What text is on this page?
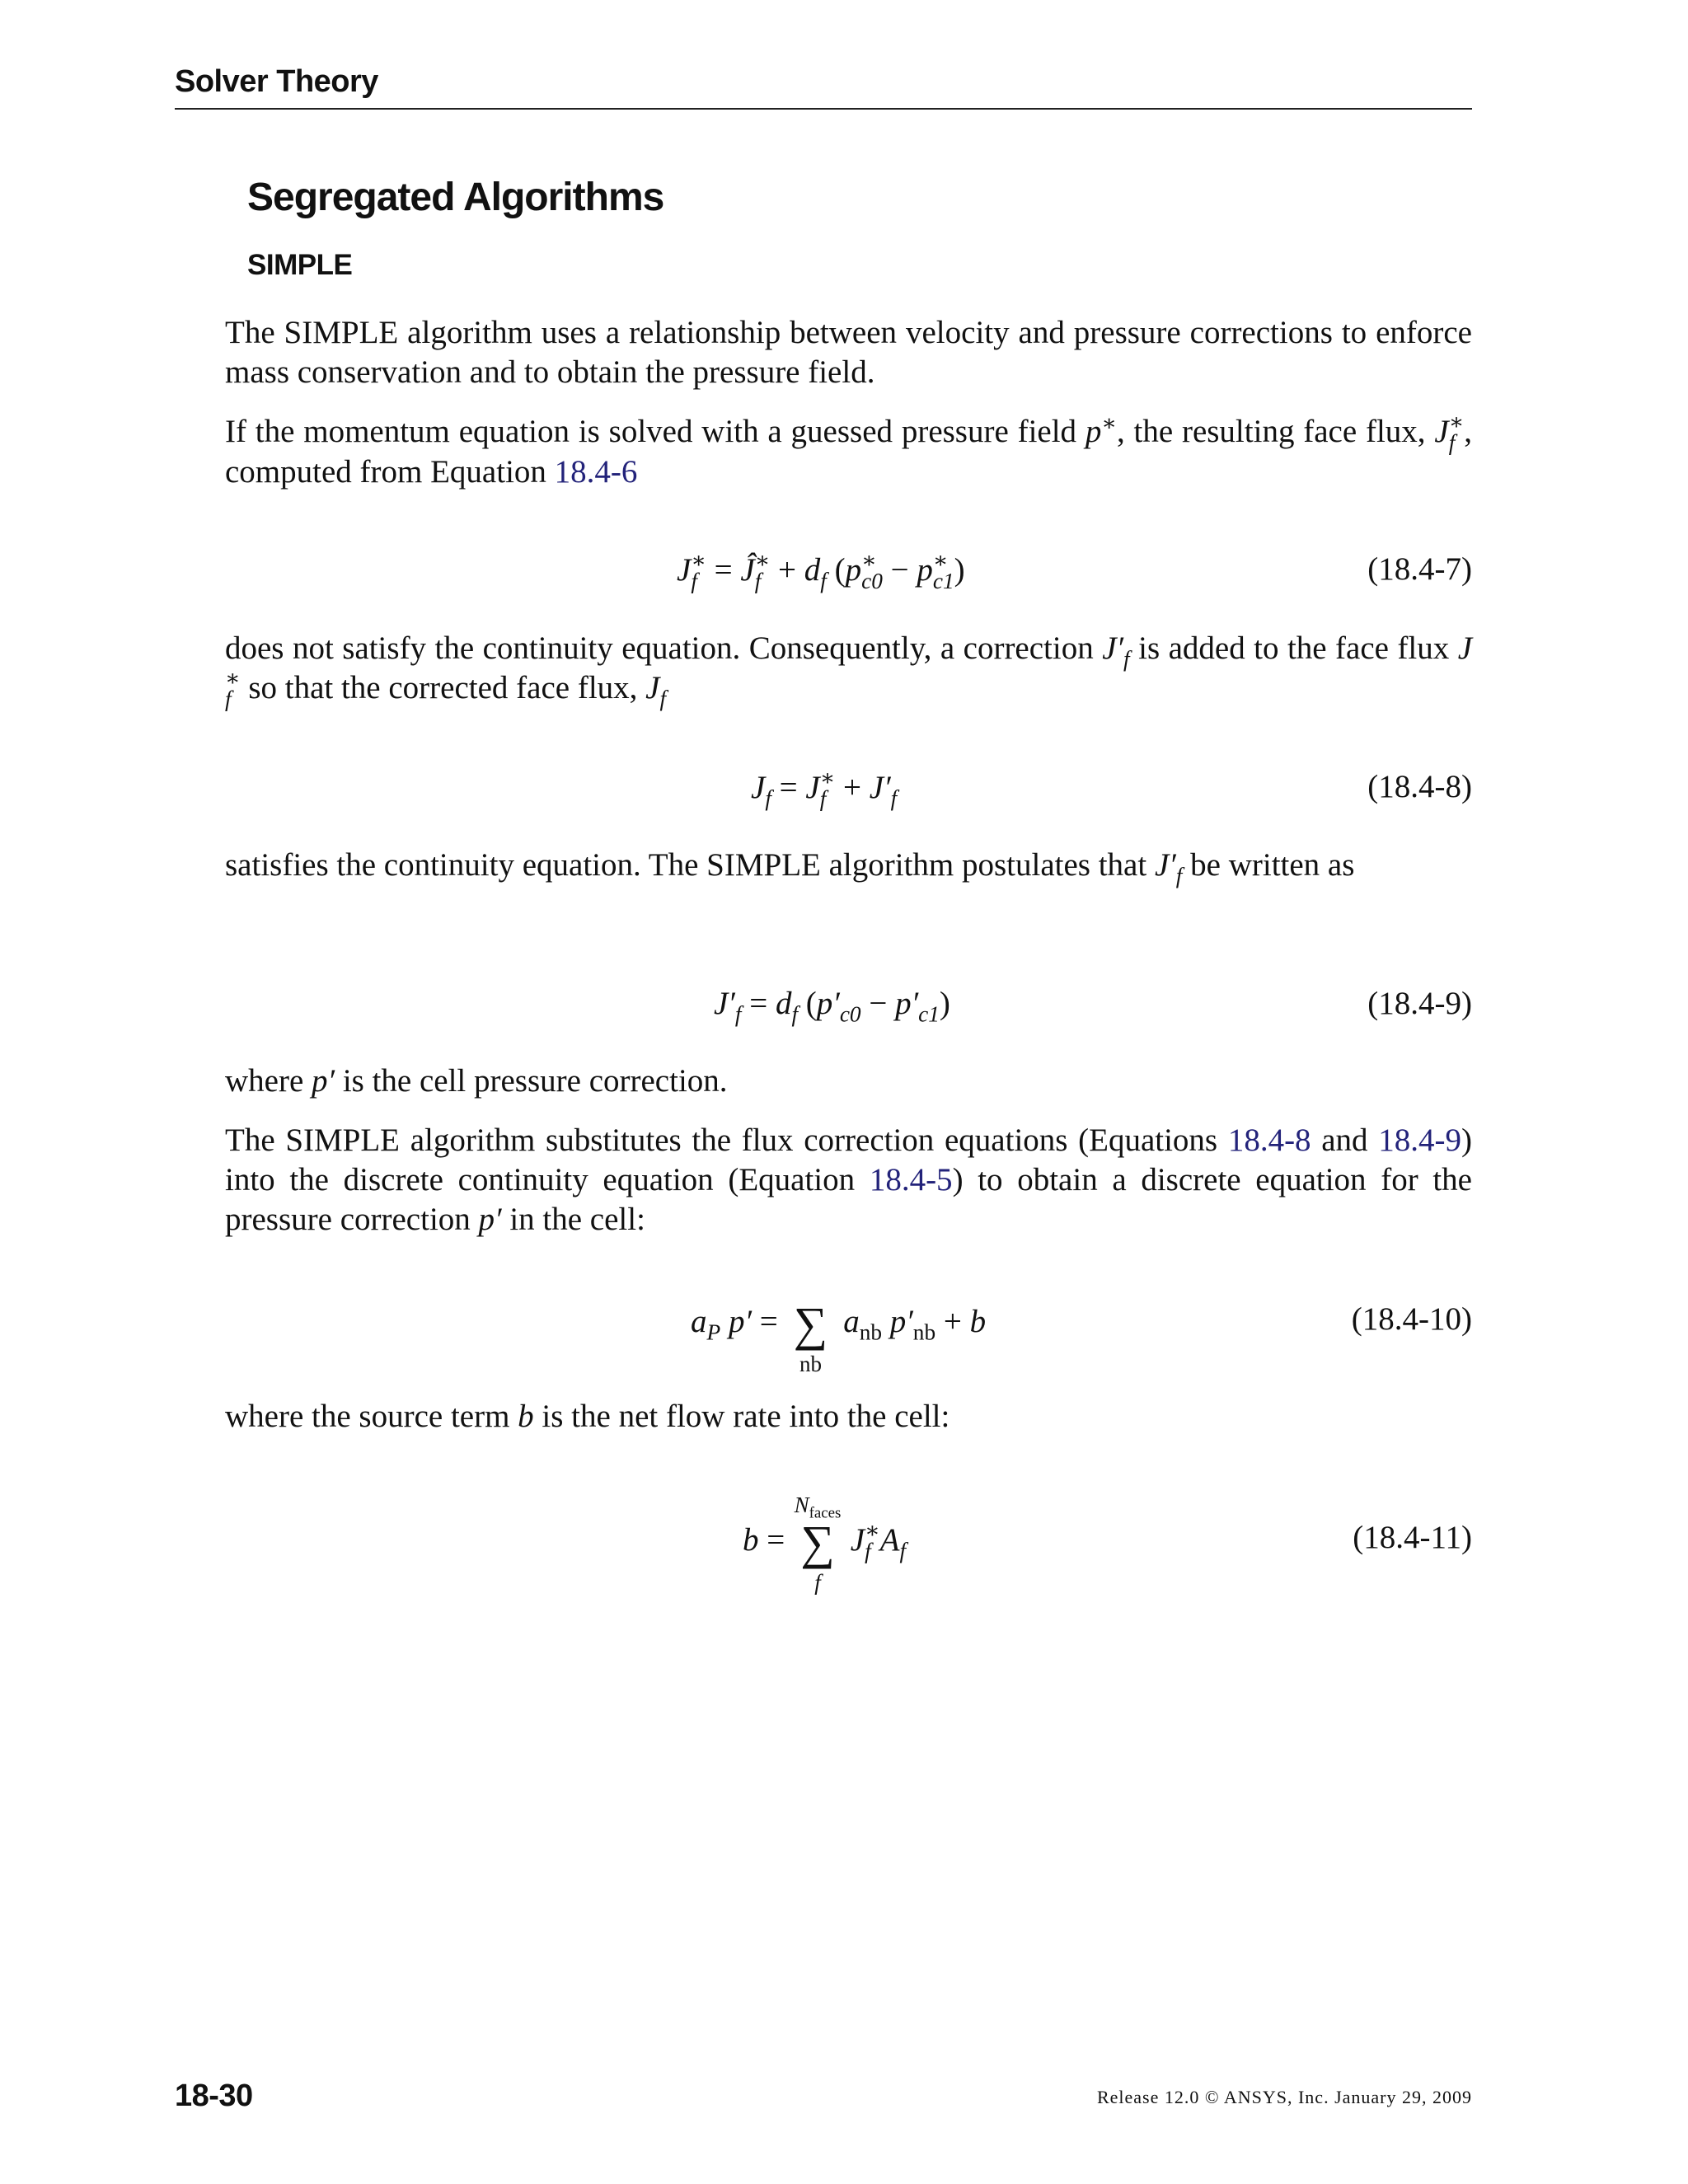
Solver Theory
Segregated Algorithms
SIMPLE

The SIMPLE algorithm uses a relationship between velocity and pressure corrections to enforce mass conservation and to obtain the pressure field.

If the momentum equation is solved with a guessed pressure field p∗, the resulting face flux, J ∗
f , computed from Equation 18.4-6

J ∗
f = Ĵ ∗
$f + d_f$ (p ∗
c0 − p ∗
c1 )	(18.4-7)

does not satisfy the continuity equation. Consequently, a correction $J'_f$ is added to the face flux J
∗
f so that the corrected face flux, $J_f$

$J_f = J$ ∗
$f + J'_f$	(18.4-8)

satisfies the continuity equation. The SIMPLE algorithm postulates that $J'_f$ be written as

$J'_f = d_f$ $(p'_{c0} - p'_{c1})$	(18.4-9)

where p′ is the cell pressure correction.

The SIMPLE algorithm substitutes the flux correction equations (Equations 18.4-8 and 18.4-9) into the discrete continuity equation (Equation 18.4-5) to obtain a discrete equation for the pressure correction p′ in the cell:

$a_P$ p′ = ∑
nb
$a_{nb}$ $p'_{nb} + b$	(18.4-10)

where the source term b is the net flow rate into the cell:

b =
$N_{faces}$
∑
f
J ∗
f $A_f$	(18.4-11)
18-30	Release 12.0 © ANSYS, Inc. January 29, 2009
